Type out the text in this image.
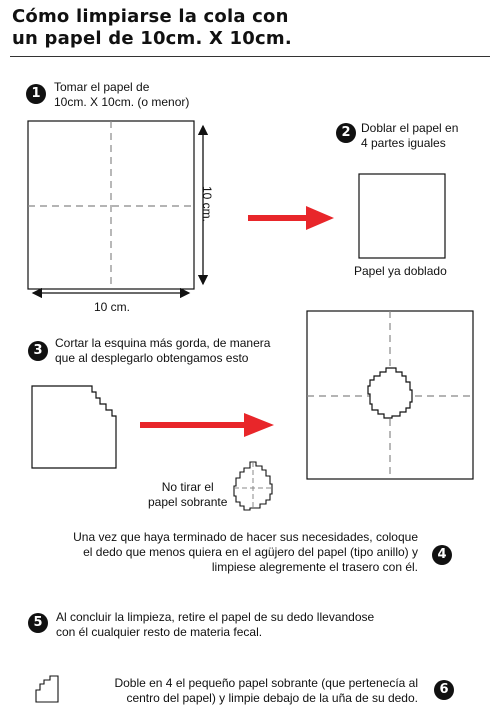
Cómo limpiarse la cola con
un papel de 10cm. X 10cm.
1
2
3
4
5
6
Tomar el papel de
10cm. X 10cm. (o menor)
Doblar el papel en
4 partes iguales
Cortar la esquina más gorda, de manera
que al desplegarlo obtengamos esto
Una vez que haya terminado de hacer sus necesidades, coloque
el dedo que menos quiera en el agüjero del papel (tipo anillo) y
limpiese alegremente el trasero con él.
Al concluir la limpieza, retire el papel de su dedo llevandose
con él cualquier resto de materia fecal.
Doble en 4 el pequeño papel sobrante (que pertenecía al
centro del papel) y limpie debajo de la uña de su dedo.
10 cm.
10 cm.
Papel ya doblado
No tirar el
papel sobrante
